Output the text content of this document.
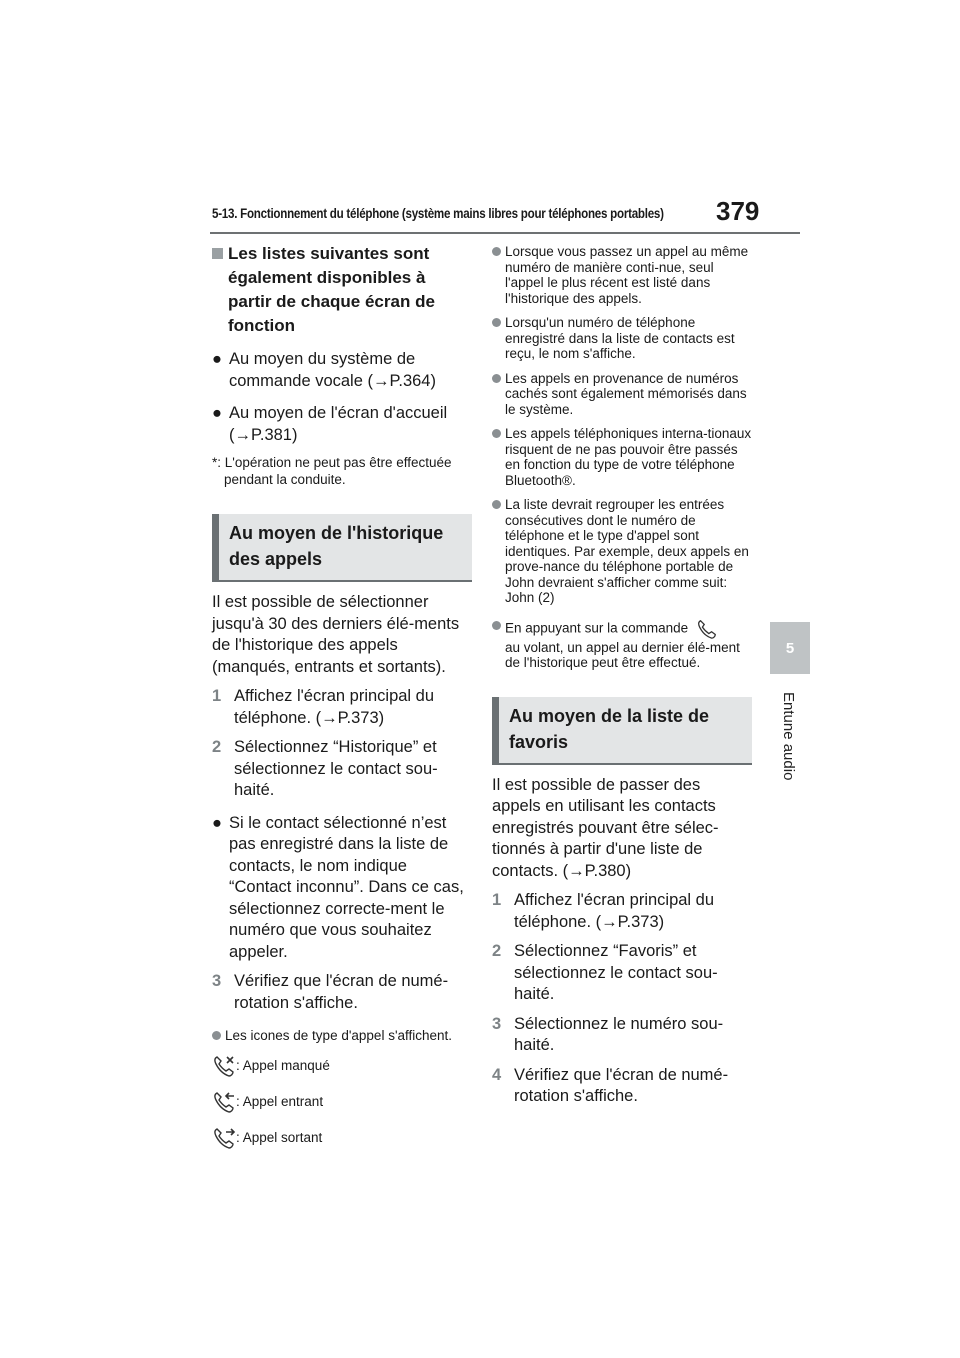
5-13. Fonctionnement du téléphone (système mains libres pour téléphones portables) 379
5
Entune audio
Les listes suivantes sont également disponibles à partir de chaque écran de fonction
● Au moyen du système de commande vocale (→P.364)
● Au moyen de l'écran d'accueil (→P.381)
*: L'opération ne peut pas être effectuée pendant la conduite.
Au moyen de l'historique des appels
Il est possible de sélectionner jusqu'à 30 des derniers élé-ments de l'historique des appels (manqués, entrants et sortants).
1 Affichez l'écran principal du téléphone. (→P.373)
2 Sélectionnez “Historique” et sélectionnez le contact sou-haité.
● Si le contact sélectionné n’est pas enregistré dans la liste de contacts, le nom indique “Contact inconnu”. Dans ce cas, sélectionnez correcte-ment le numéro que vous souhaitez appeler.
3 Vérifiez que l'écran de numé-rotation s'affiche.
Les icones de type d'appel s'affichent.
: Appel manqué
: Appel entrant
: Appel sortant
Lorsque vous passez un appel au même numéro de manière conti-nue, seul l'appel le plus récent est listé dans l'historique des appels.
Lorsqu'un numéro de téléphone enregistré dans la liste de contacts est reçu, le nom s'affiche.
Les appels en provenance de numéros cachés sont également mémorisés dans le système.
Les appels téléphoniques interna-tionaux risquent de ne pas pouvoir être passés en fonction du type de votre téléphone Bluetooth®.
La liste devrait regrouper les entrées consécutives dont le numéro de téléphone et le type d'appel sont identiques. Par exemple, deux appels en prove-nance du téléphone portable de John devraient s'afficher comme suit: John (2)
En appuyant sur la commande
au volant, un appel au dernier élé-ment de l'historique peut être effectué.
Au moyen de la liste de favoris
Il est possible de passer des appels en utilisant les contacts enregistrés pouvant être sélec-tionnés à partir d'une liste de contacts. (→P.380)
1 Affichez l'écran principal du téléphone. (→P.373)
2 Sélectionnez “Favoris” et sélectionnez le contact sou-haité.
3 Sélectionnez le numéro sou-haité.
4 Vérifiez que l'écran de numé-rotation s'affiche.
